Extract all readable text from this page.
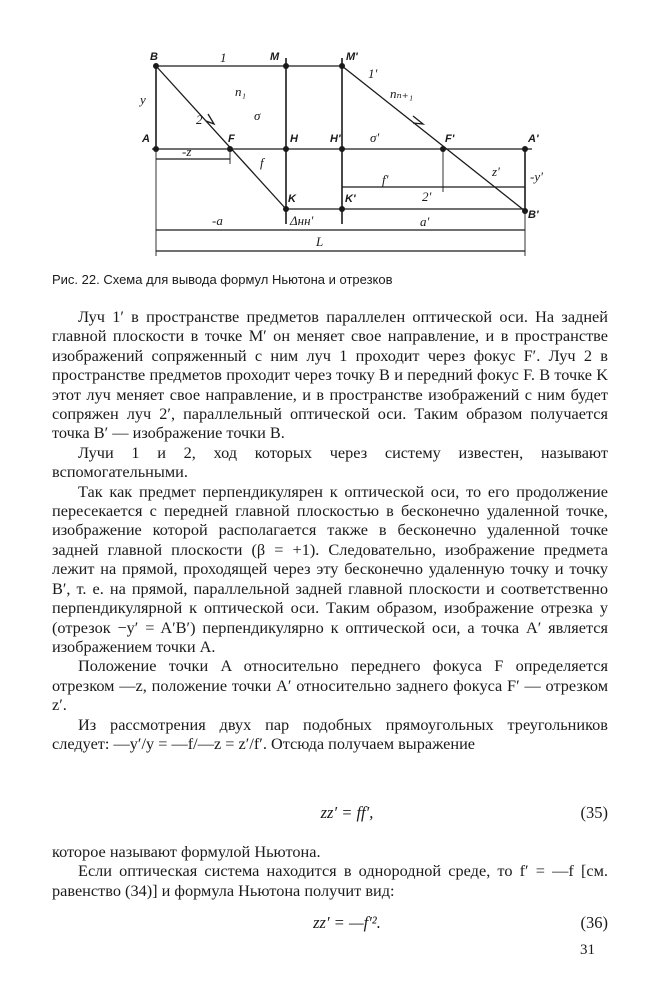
B
A
M	M'
H	H'
F	F'	A'
B'
K	K'
y
-y'
1
1'
2
2'
n₁	nₙ₊₁
σ
σ'
-z
z'
f
f'
-a	a'
Δнн'
L
Рис. 22. Схема для вывода формул Ньютона и отрезков

Луч 1′ в пространстве предметов параллелен оптической оси. На задней главной плоскости в точке M′ он меняет свое направление, и в пространстве изображений сопряженный с ним луч 1 проходит через фокус F′. Луч 2 в пространстве предметов проходит через точку B и передний фокус F. В точке K этот луч меняет свое направление, и в пространстве изображений с ним будет сопряжен луч 2′, параллельный оптической оси. Таким образом получается точка B′ — изображение точки B.

Лучи 1 и 2, ход которых через систему известен, называют вспомогательными.

Так как предмет перпендикулярен к оптической оси, то его продолжение пересекается с передней главной плоскостью в бесконечно удаленной точке, изображение которой располагается также в бесконечно удаленной точке задней главной плоскости (β = +1). Следовательно, изображение предмета лежит на прямой, проходящей через эту бесконечно удаленную точку и точку B′, т. е. на прямой, параллельной задней главной плоскости и соответственно перпендикулярной к оптической оси. Таким образом, изображение отрезка y (отрезок −y′ = A′B′) перпендикулярно к оптической оси, а точка A′ является изображением точки A.

Положение точки A относительно переднего фокуса F определяется отрезком —z, положение точки A′ относительно заднего фокуса F′ — отрезком z′.

Из рассмотрения двух пар подобных прямоугольных треугольников следует: —y′/y = —f/—z = z′/f′. Отсюда получаем выражение

zz′ = ff′,	(35)

которое называют формулой Ньютона.

Если оптическая система находится в однородной среде, то f′ = —f [см. равенство (34)] и формула Ньютона получит вид:

zz′ = —f′².	(36)
31
